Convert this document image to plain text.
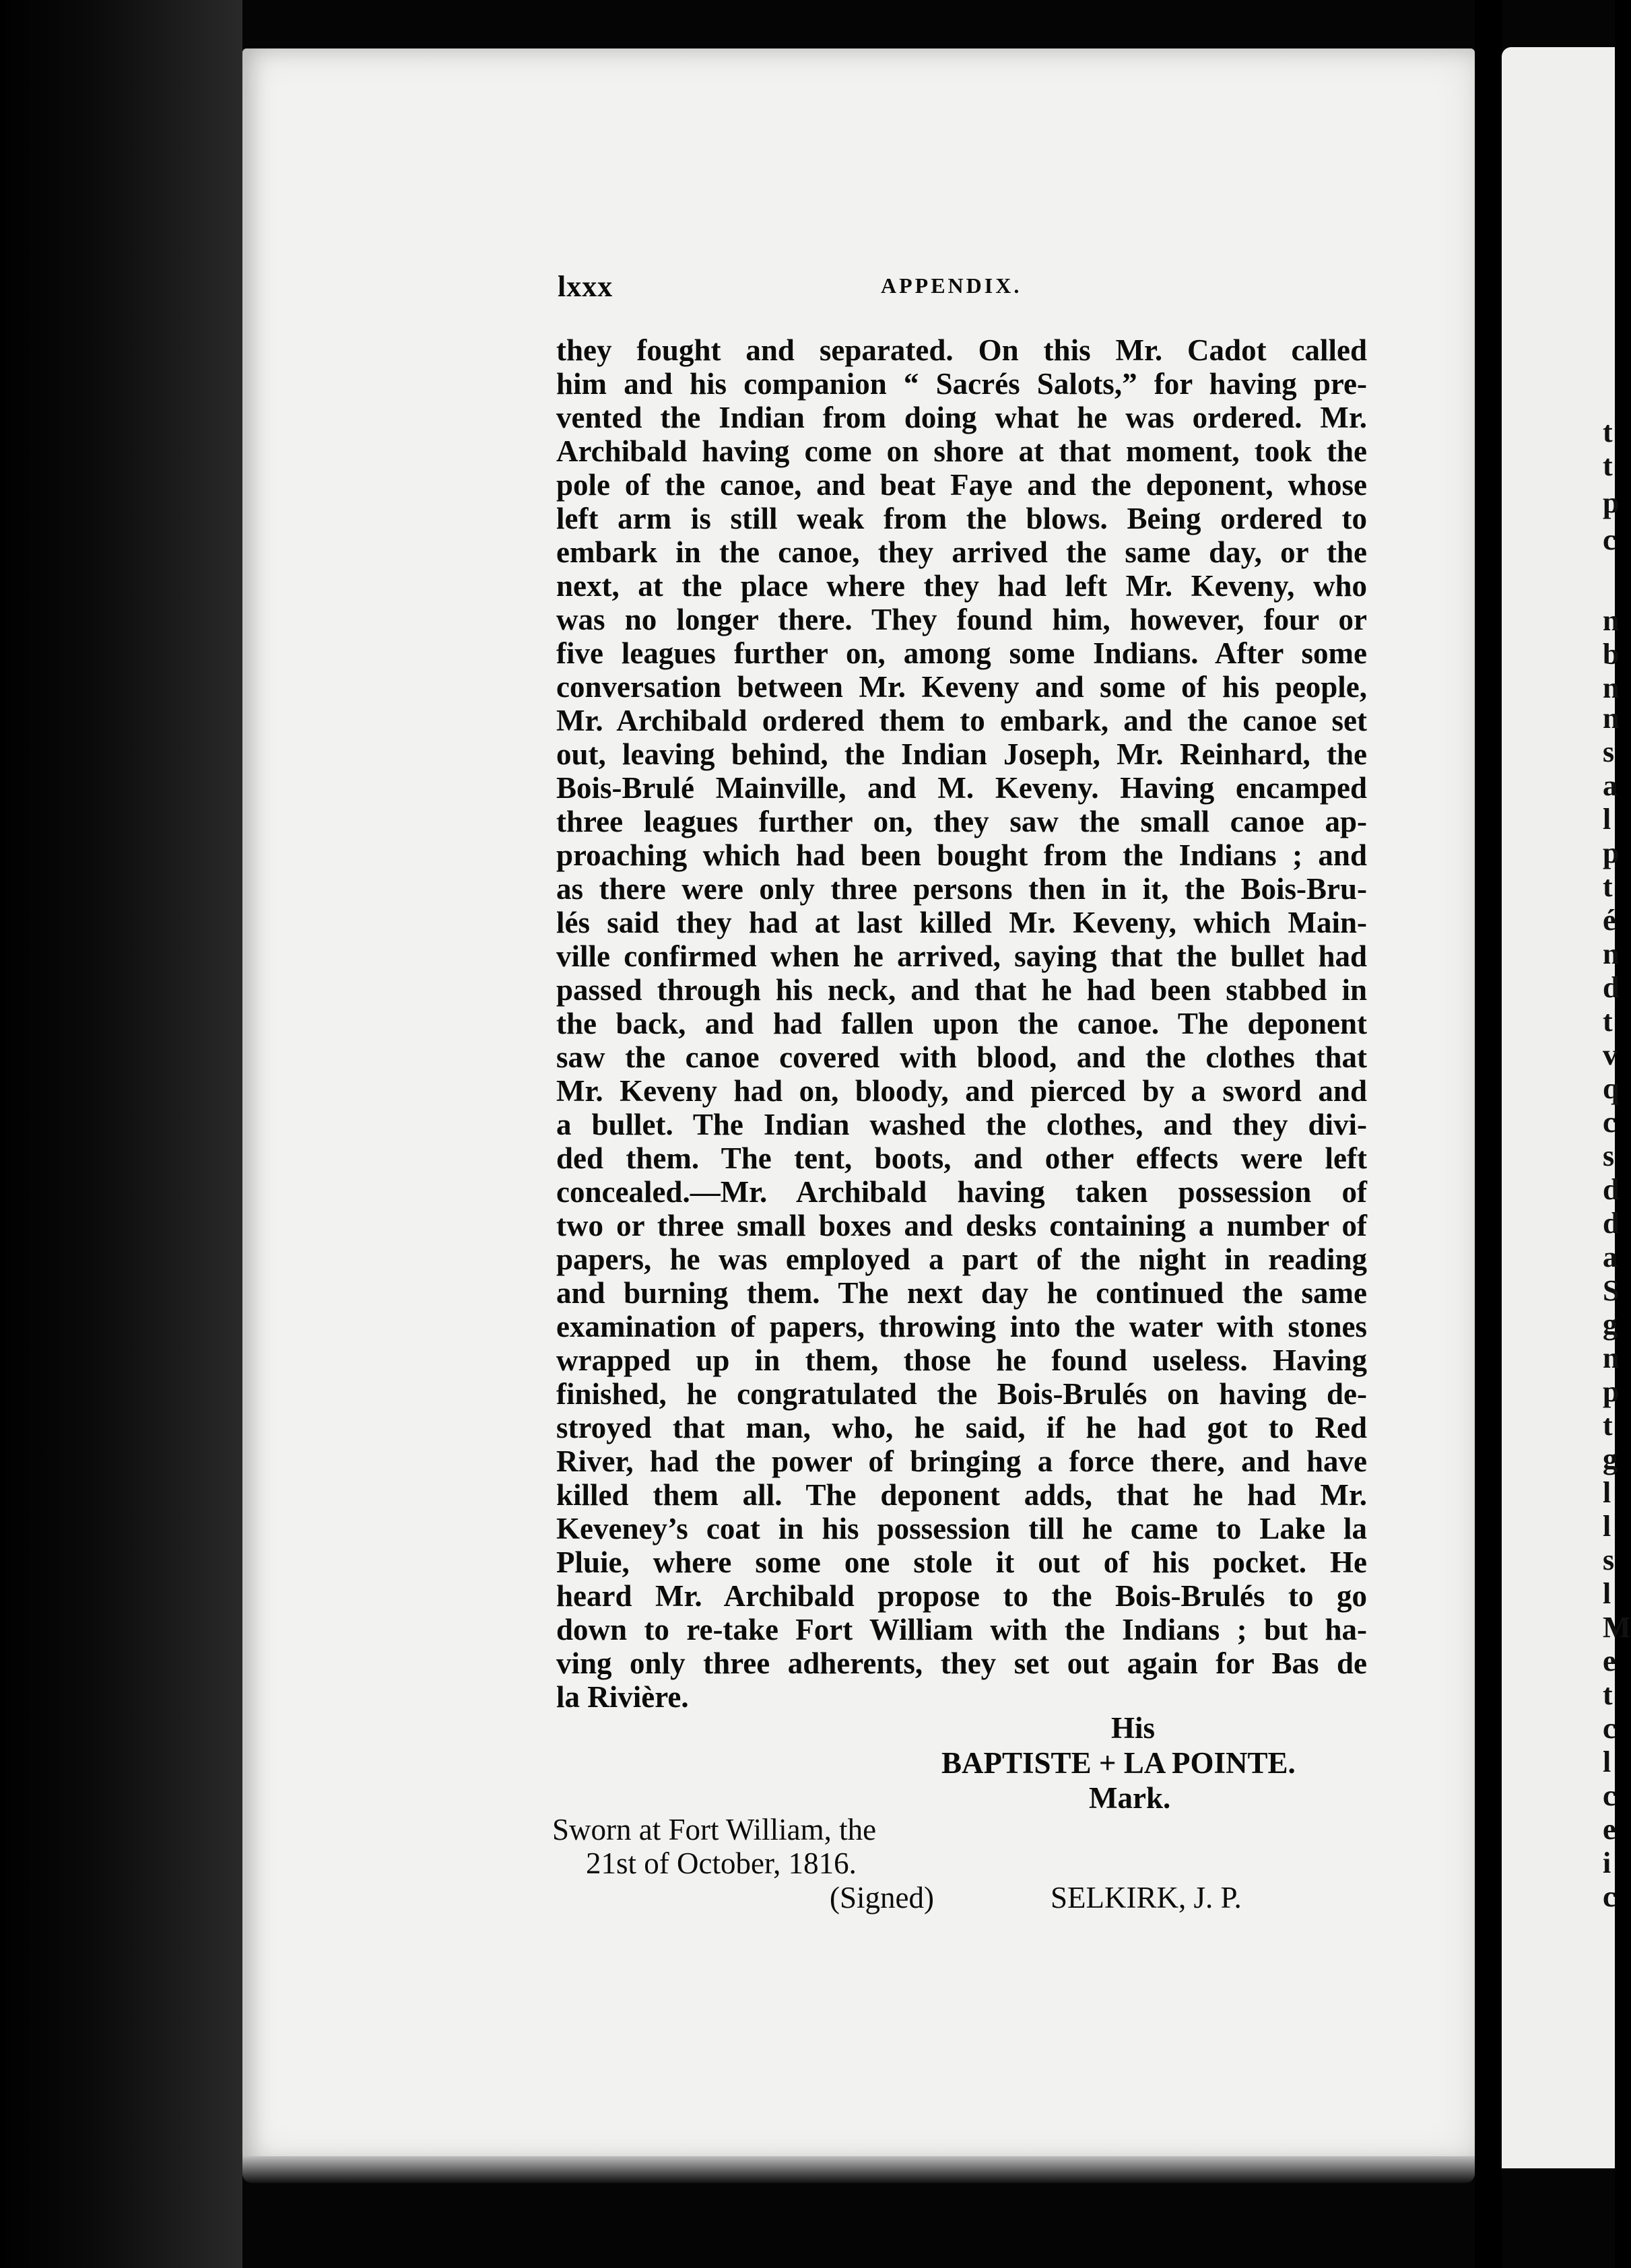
t
t
p
c
n
b
n
n
s
a
l
p
t
é
n
d
t
v
q
c
s
d
d
a
S
g
n
p
t
g
l
l
s
l
M
e
t
c
l
c
e
i
c
lxxx	APPENDIX.
they fought and separated. On this Mr. Cadot called
him and his companion “ Sacrés Salots,” for having pre-
vented the Indian from doing what he was ordered. Mr.
Archibald having come on shore at that moment, took the
pole of the canoe, and beat Faye and the deponent, whose
left arm is still weak from the blows. Being ordered to
embark in the canoe, they arrived the same day, or the
next, at the place where they had left Mr. Keveny, who
was no longer there. They found him, however, four or
five leagues further on, among some Indians. After some
conversation between Mr. Keveny and some of his people,
Mr. Archibald ordered them to embark, and the canoe set
out, leaving behind, the Indian Joseph, Mr. Reinhard, the
Bois-Brulé Mainville, and M. Keveny. Having encamped
three leagues further on, they saw the small canoe ap-
proaching which had been bought from the Indians ; and
as there were only three persons then in it, the Bois-Bru-
lés said they had at last killed Mr. Keveny, which Main-
ville confirmed when he arrived, saying that the bullet had
passed through his neck, and that he had been stabbed in
the back, and had fallen upon the canoe. The deponent
saw the canoe covered with blood, and the clothes that
Mr. Keveny had on, bloody, and pierced by a sword and
a bullet. The Indian washed the clothes, and they divi-
ded them. The tent, boots, and other effects were left
concealed.—Mr. Archibald having taken possession of
two or three small boxes and desks containing a number of
papers, he was employed a part of the night in reading
and burning them. The next day he continued the same
examination of papers, throwing into the water with stones
wrapped up in them, those he found useless. Having
finished, he congratulated the Bois-Brulés on having de-
stroyed that man, who, he said, if he had got to Red
River, had the power of bringing a force there, and have
killed them all. The deponent adds, that he had Mr.
Keveney’s coat in his possession till he came to Lake la
Pluie, where some one stole it out of his pocket. He
heard Mr. Archibald propose to the Bois-Brulés to go
down to re-take Fort William with the Indians ; but ha-
ving only three adherents, they set out again for Bas de
la Rivière.
His
BAPTISTE + LA POINTE.
Mark.
Sworn at Fort William, the
21st of October, 1816.
(Signed)	SELKIRK, J. P.
